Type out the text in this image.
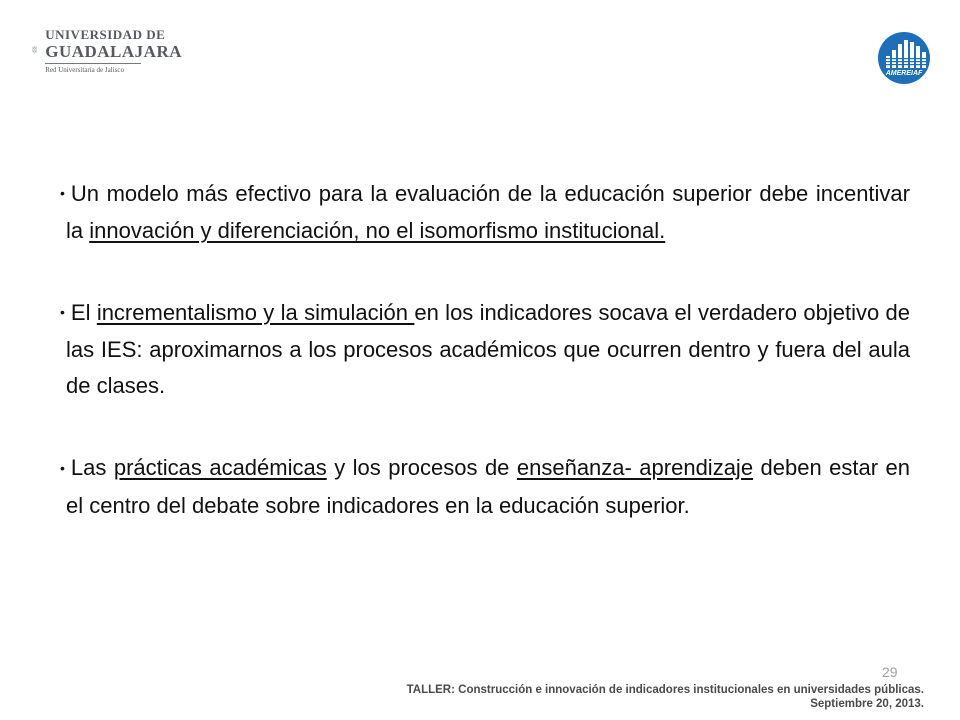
UNIVERSIDAD DE
GUADALAJARA
Red Universitaria de Jalisco	AMEREIAF

• Un modelo más efectivo para la evaluación de la educación superior debe incentivar la innovación y diferenciación, no el isomorfismo institucional.

• El incrementalismo y la simulación en los indicadores socava el verdadero objetivo de las IES: aproximarnos a los procesos académicos que ocurren dentro y fuera del aula de clases.

• Las prácticas académicas y los procesos de enseñanza- aprendizaje deben estar en el centro del debate sobre indicadores en la educación superior.

29
TALLER: Construcción e innovación de indicadores institucionales en universidades públicas.
Septiembre 20, 2013.
